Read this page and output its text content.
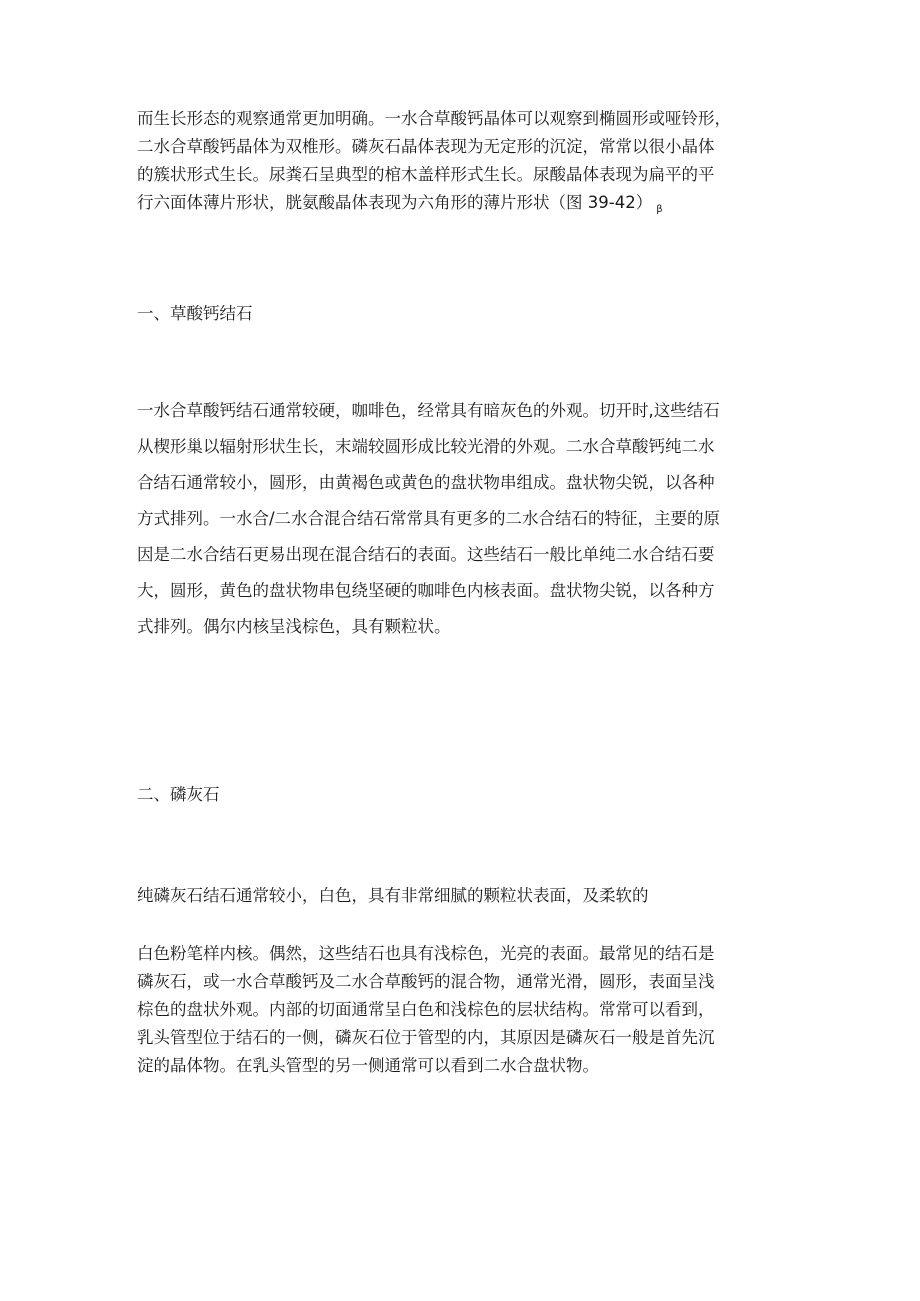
而生长形态的观察通常更加明确。一水合草酸钙晶体可以观察到椭圆形或哑铃形，
二水合草酸钙晶体为双椎形。磷灰石晶体表现为无定形的沉淀，常常以很小晶体
的簇状形式生长。尿粪石呈典型的棺木盖样形式生长。尿酸晶体表现为扁平的平
行六面体薄片形状，胱氨酸晶体表现为六角形的薄片形状（图 39-42） $_\beta$

一、草酸钙结石

一水合草酸钙结石通常较硬，咖啡色，经常具有暗灰色的外观。切开时,这些结石
从楔形巢以辐射形状生长，末端较圆形成比较光滑的外观。二水合草酸钙纯二水
合结石通常较小，圆形，由黄褐色或黄色的盘状物串组成。盘状物尖锐，以各种
方式排列。一水合/二水合混合结石常常具有更多的二水合结石的特征，主要的原
因是二水合结石更易出现在混合结石的表面。这些结石一般比单纯二水合结石要
大，圆形，黄色的盘状物串包绕坚硬的咖啡色内核表面。盘状物尖锐，以各种方
式排列。偶尔内核呈浅棕色，具有颗粒状。

二、磷灰石

纯磷灰石结石通常较小，白色，具有非常细腻的颗粒状表面，及柔软的

白色粉笔样内核。偶然，这些结石也具有浅棕色，光亮的表面。最常见的结石是
磷灰石，或一水合草酸钙及二水合草酸钙的混合物，通常光滑，圆形，表面呈浅
棕色的盘状外观。内部的切面通常呈白色和浅棕色的层状结构。常常可以看到，
乳头管型位于结石的一侧，磷灰石位于管型的内，其原因是磷灰石一般是首先沉
淀的晶体物。在乳头管型的另一侧通常可以看到二水合盘状物。
